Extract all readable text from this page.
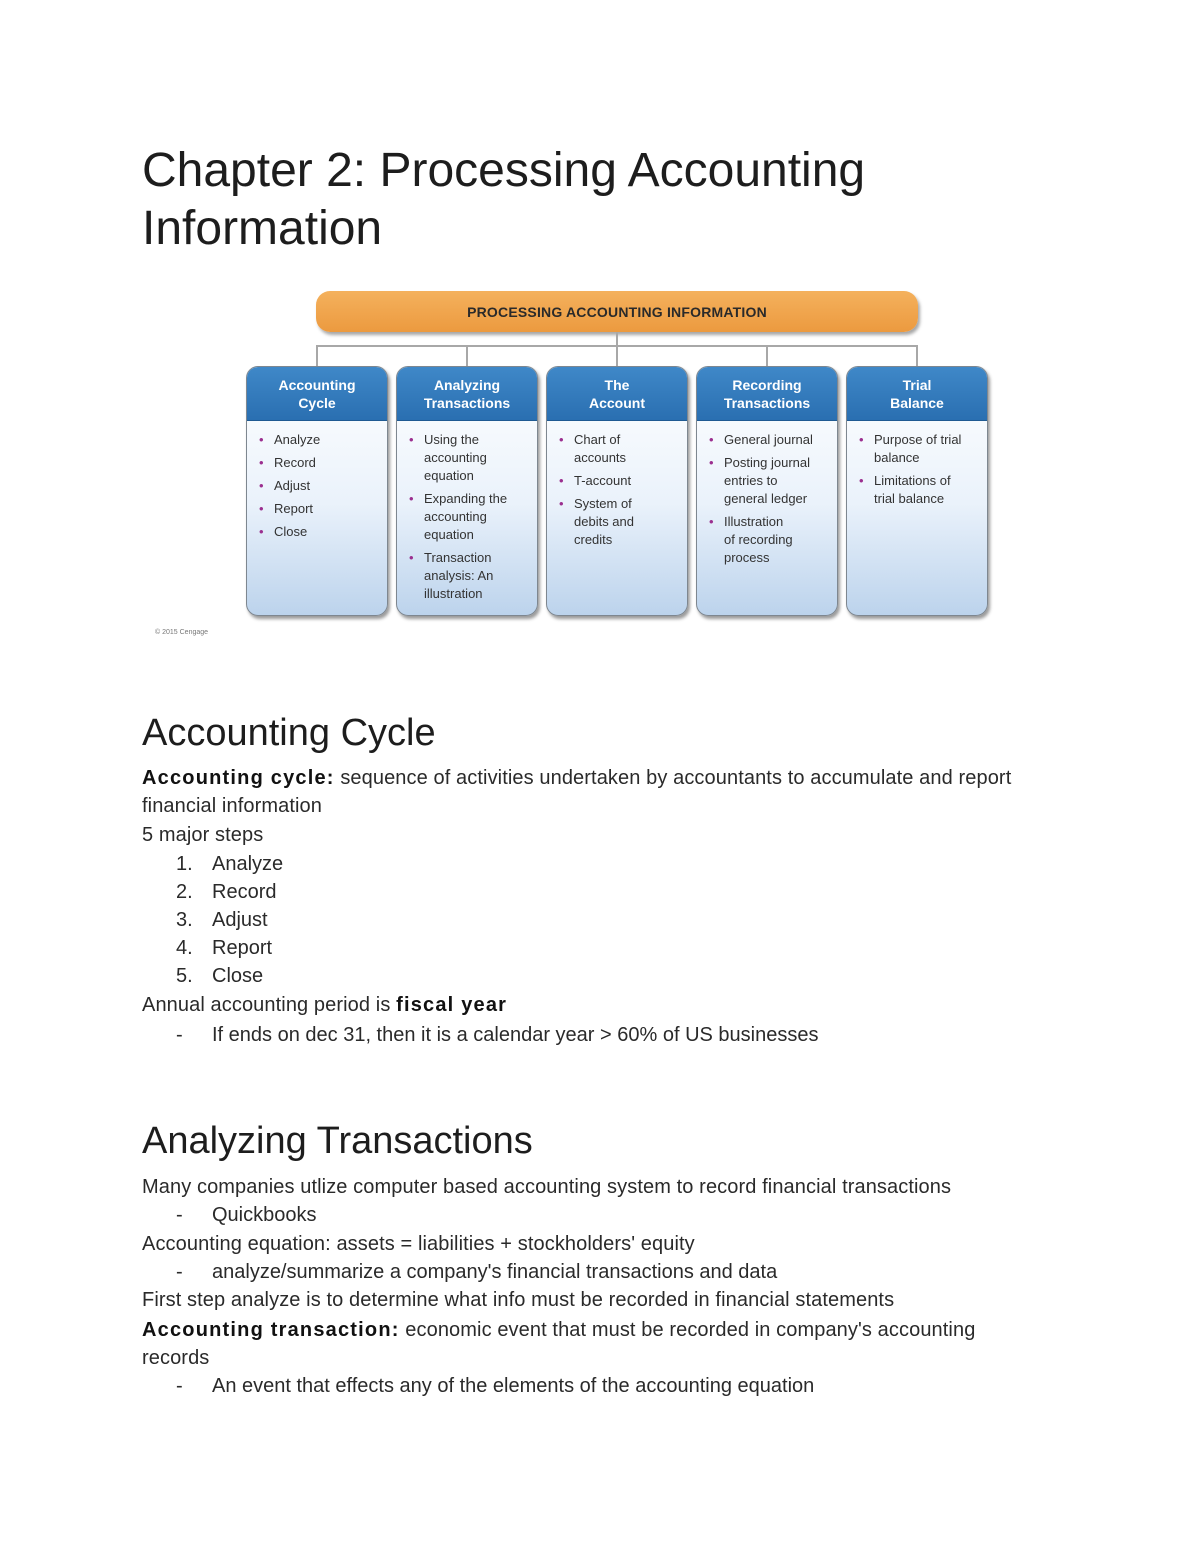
Chapter 2: Processing Accounting Information
PROCESSING ACCOUNTING INFORMATION
Accounting
Cycle
• Analyze
• Record
• Adjust
• Report
• Close
Analyzing
Transactions
• Using the
accounting
equation
• Expanding the
accounting
equation
• Transaction
analysis: An
illustration
The
Account
• Chart of
accounts
• T-account
• System of
debits and
credits
Recording
Transactions
• General journal
• Posting journal
entries to
general ledger
• Illustration
of recording
process
Trial
Balance
• Purpose of trial
balance
• Limitations of
trial balance
© 2015 Cengage
Accounting Cycle
Accounting cycle: sequence of activities undertaken by accountants to accumulate and report
financial information
5 major steps
1. Analyze
2. Record
3. Adjust
4. Report
5. Close
Annual accounting period is fiscal year
- If ends on dec 31, then it is a calendar year > 60% of US businesses
Analyzing Transactions
Many companies utlize computer based accounting system to record financial transactions
- Quickbooks
Accounting equation: assets = liabilities + stockholders' equity
- analyze/summarize a company's financial transactions and data
First step analyze is to determine what info must be recorded in financial statements
Accounting transaction: economic event that must be recorded in company's accounting
records
- An event that effects any of the elements of the accounting equation
